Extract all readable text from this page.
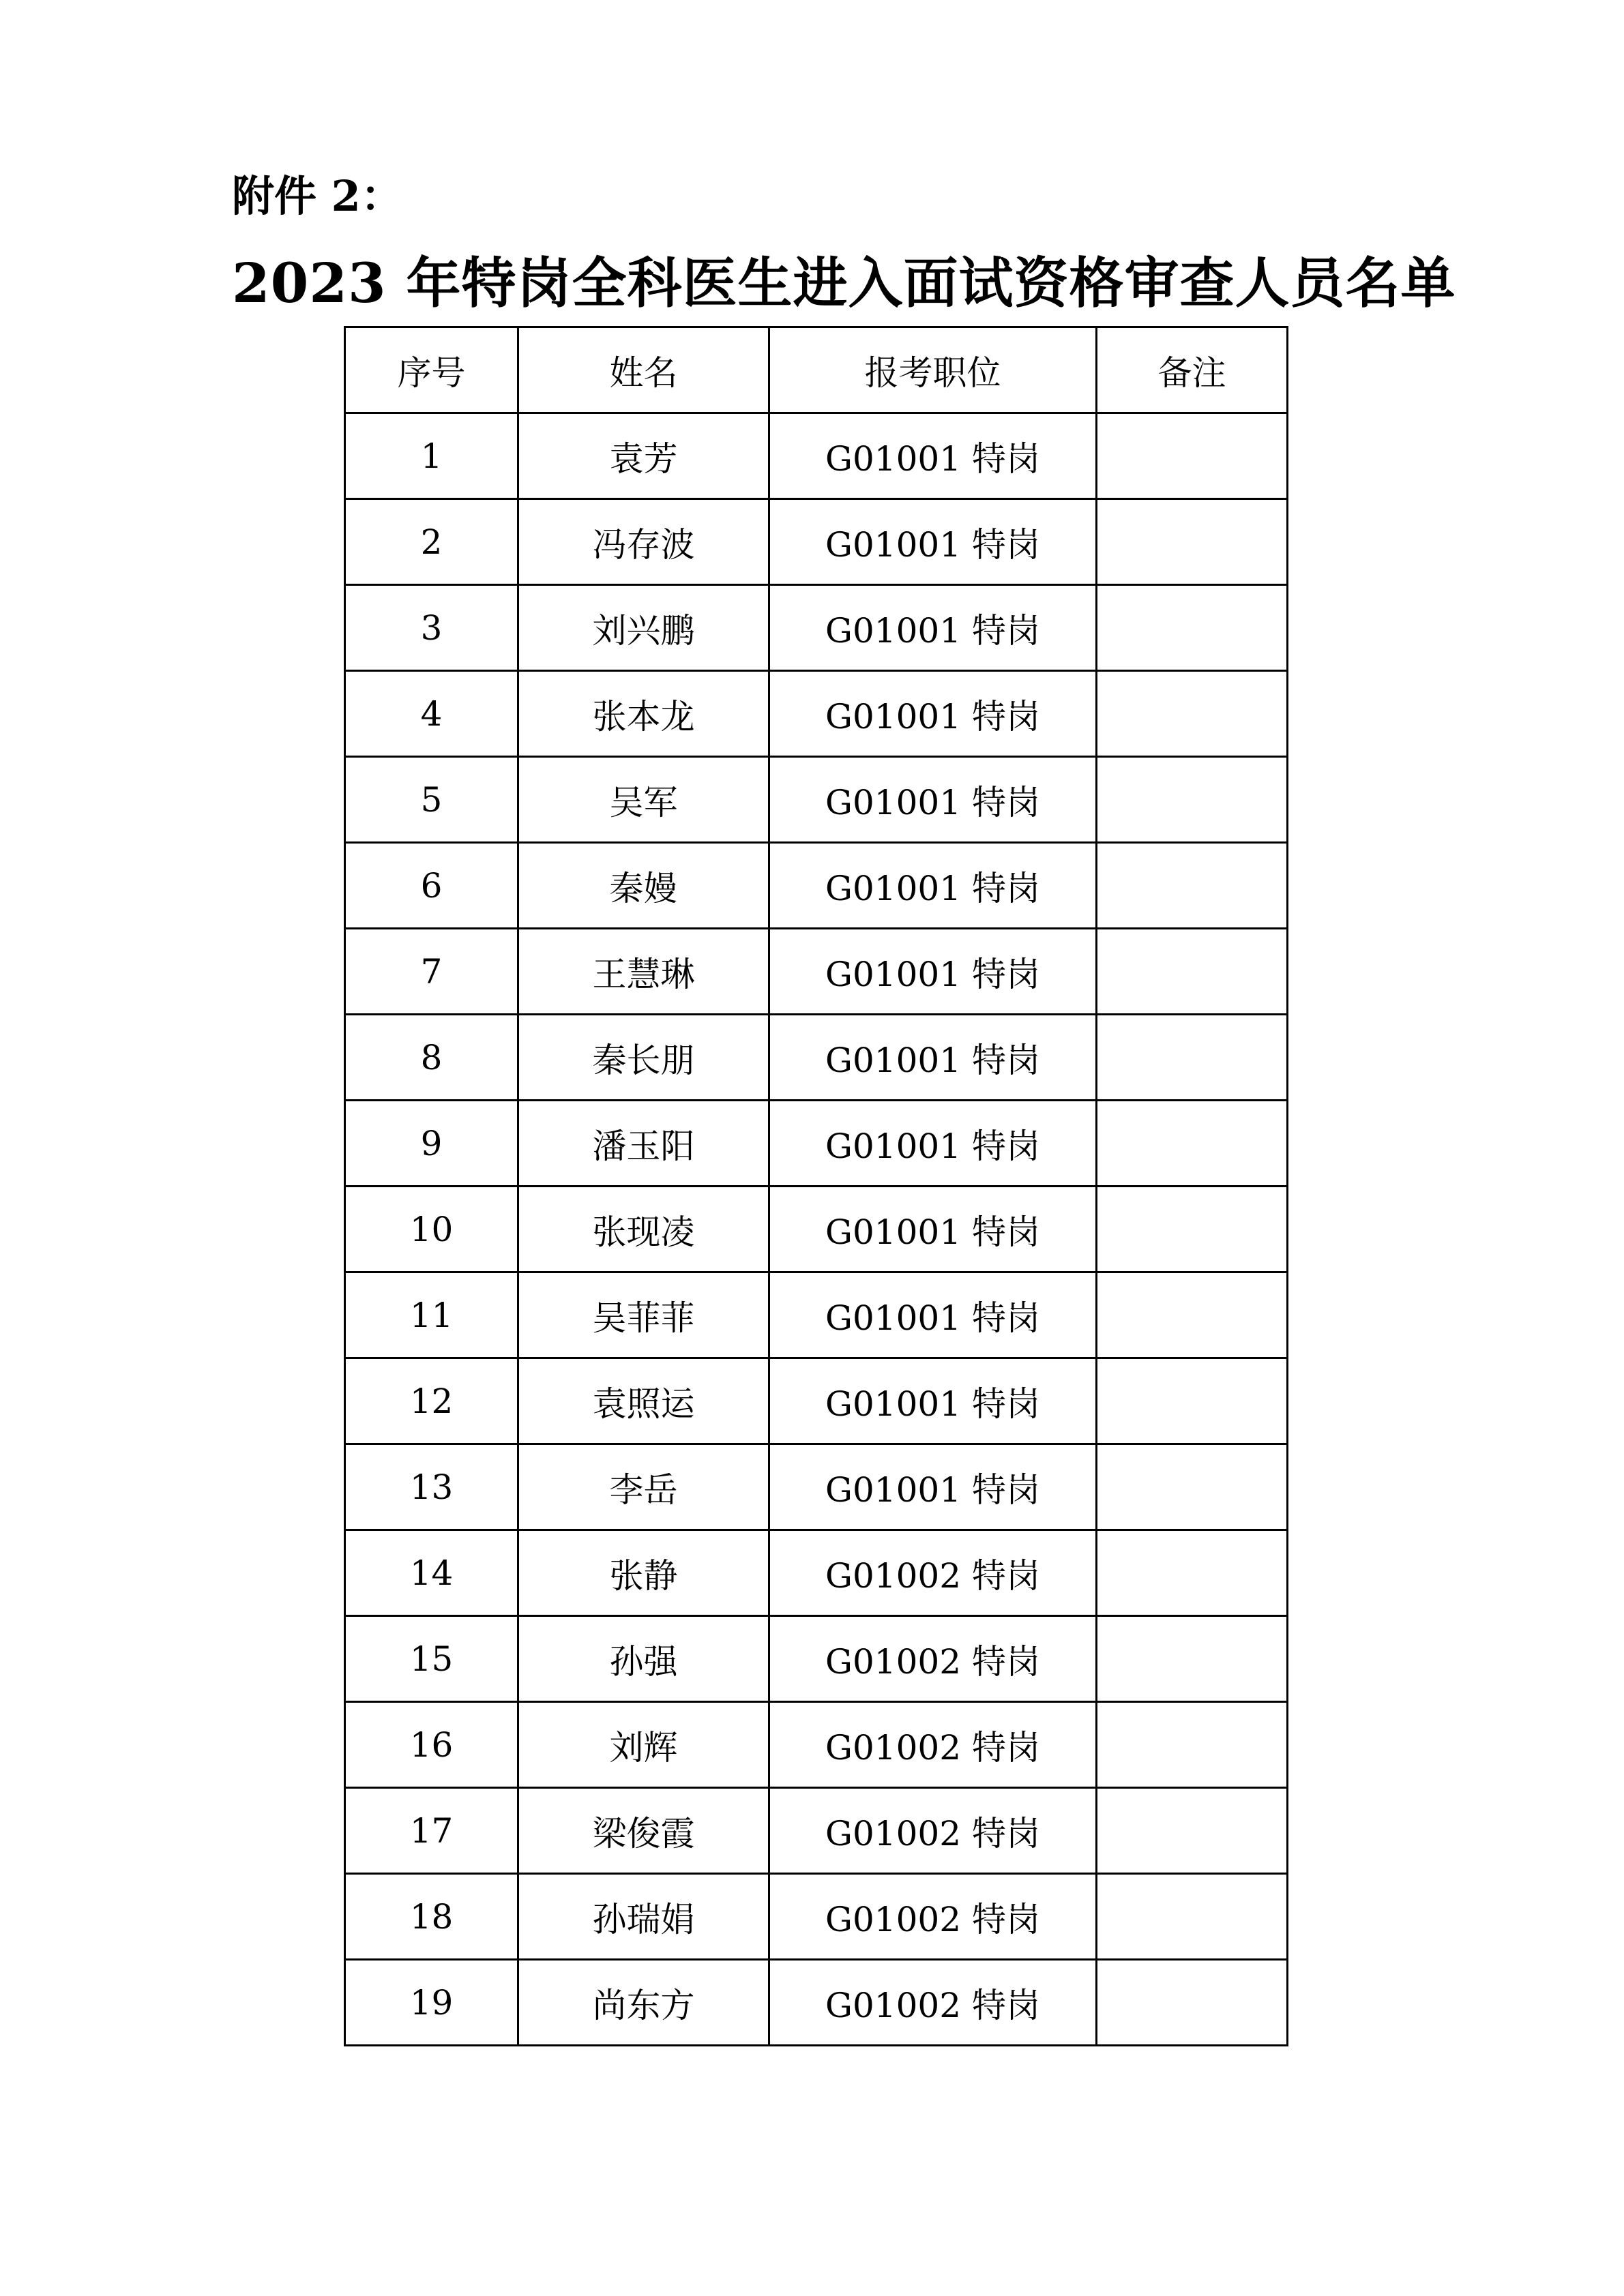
附件 2：
2023 年特岗全科医生进入面试资格审查人员名单
序号	姓名	报考职位	备注
1	袁芳	G01001 特岗	
2	冯存波	G01001 特岗	
3	刘兴鹏	G01001 特岗	
4	张本龙	G01001 特岗	
5	吴军	G01001 特岗	
6	秦嫚	G01001 特岗	
7	王慧琳	G01001 特岗	
8	秦长朋	G01001 特岗	
9	潘玉阳	G01001 特岗	
10	张现凌	G01001 特岗	
11	吴菲菲	G01001 特岗	
12	袁照运	G01001 特岗	
13	李岳	G01001 特岗	
14	张静	G01002 特岗	
15	孙强	G01002 特岗	
16	刘辉	G01002 特岗	
17	梁俊霞	G01002 特岗	
18	孙瑞娟	G01002 特岗	
19	尚东方	G01002 特岗	
